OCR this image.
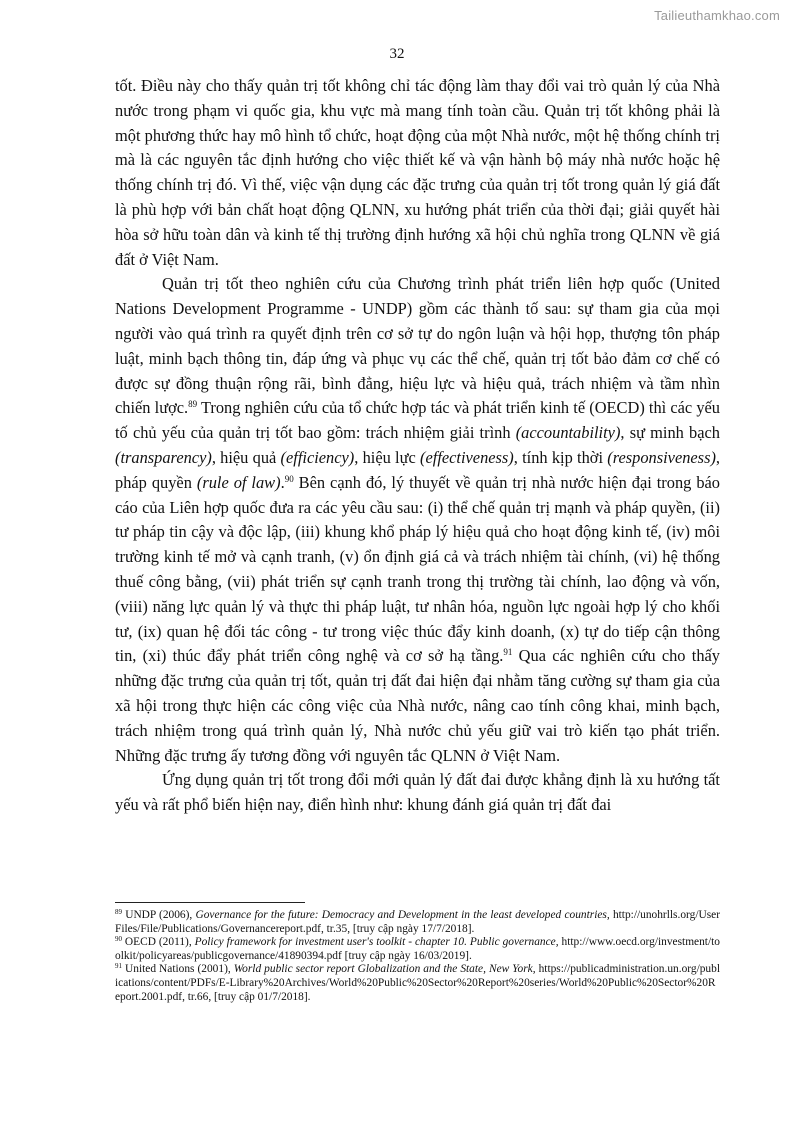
Tailieuthamkhao.com
32

tốt. Điều này cho thấy quản trị tốt không chỉ tác động làm thay đổi vai trò quản lý của Nhà nước trong phạm vi quốc gia, khu vực mà mang tính toàn cầu. Quản trị tốt không phải là một phương thức hay mô hình tổ chức, hoạt động của một Nhà nước, một hệ thống chính trị mà là các nguyên tắc định hướng cho việc thiết kế và vận hành bộ máy nhà nước hoặc hệ thống chính trị đó. Vì thế, việc vận dụng các đặc trưng của quản trị tốt trong quản lý giá đất là phù hợp với bản chất hoạt động QLNN, xu hướng phát triển của thời đại; giải quyết hài hòa sở hữu toàn dân và kinh tế thị trường định hướng xã hội chủ nghĩa trong QLNN về giá đất ở Việt Nam.

Quản trị tốt theo nghiên cứu của Chương trình phát triển liên hợp quốc (United Nations Development Programme - UNDP) gồm các thành tố sau: sự tham gia của mọi người vào quá trình ra quyết định trên cơ sở tự do ngôn luận và hội họp, thượng tôn pháp luật, minh bạch thông tin, đáp ứng và phục vụ các thể chế, quản trị tốt bảo đảm cơ chế có được sự đồng thuận rộng rãi, bình đẳng, hiệu lực và hiệu quả, trách nhiệm và tầm nhìn chiến lược.$^{89}$ Trong nghiên cứu của tổ chức hợp tác và phát triển kinh tế (OECD) thì các yếu tố chủ yếu của quản trị tốt bao gồm: trách nhiệm giải trình (accountability), sự minh bạch (transparency), hiệu quả (efficiency), hiệu lực (effectiveness), tính kịp thời (responsiveness), pháp quyền (rule of law).$^{90}$ Bên cạnh đó, lý thuyết về quản trị nhà nước hiện đại trong báo cáo của Liên hợp quốc đưa ra các yêu cầu sau: (i) thể chế quản trị mạnh và pháp quyền, (ii) tư pháp tin cậy và độc lập, (iii) khung khổ pháp lý hiệu quả cho hoạt động kinh tế, (iv) môi trường kinh tế mở và cạnh tranh, (v) ổn định giá cả và trách nhiệm tài chính, (vi) hệ thống thuế công bằng, (vii) phát triển sự cạnh tranh trong thị trường tài chính, lao động và vốn, (viii) năng lực quản lý và thực thi pháp luật, tư nhân hóa, nguồn lực ngoài hợp lý cho khối tư, (ix) quan hệ đối tác công - tư trong việc thúc đẩy kinh doanh, (x) tự do tiếp cận thông tin, (xi) thúc đẩy phát triển công nghệ và cơ sở hạ tầng.$^{91}$ Qua các nghiên cứu cho thấy những đặc trưng của quản trị tốt, quản trị đất đai hiện đại nhằm tăng cường sự tham gia của xã hội trong thực hiện các công việc của Nhà nước, nâng cao tính công khai, minh bạch, trách nhiệm trong quá trình quản lý, Nhà nước chủ yếu giữ vai trò kiến tạo phát triển. Những đặc trưng ấy tương đồng với nguyên tắc QLNN ở Việt Nam.

Ứng dụng quản trị tốt trong đổi mới quản lý đất đai được khẳng định là xu hướng tất yếu và rất phổ biến hiện nay, điển hình như: khung đánh giá quản trị đất đai

$^{89}$ UNDP (2006), Governance for the future: Democracy and Development in the least developed countries, http://unohrlls.org/UserFiles/File/Publications/Governancereport.pdf, tr.35, [truy cập ngày 17/7/2018].

$^{90}$ OECD (2011), Policy framework for investment user's toolkit - chapter 10. Public governance, http://www.oecd.org/investment/toolkit/policyareas/publicgovernance/41890394.pdf [truy cập ngày 16/03/2019].

$^{91}$ United Nations (2001), World public sector report Globalization and the State, New York, https://publicadministration.un.org/publications/content/PDFs/E-Library%20Archives/World%20Public%20Sector%20Report%20series/World%20Public%20Sector%20Report.2001.pdf, tr.66, [truy cập 01/7/2018].
